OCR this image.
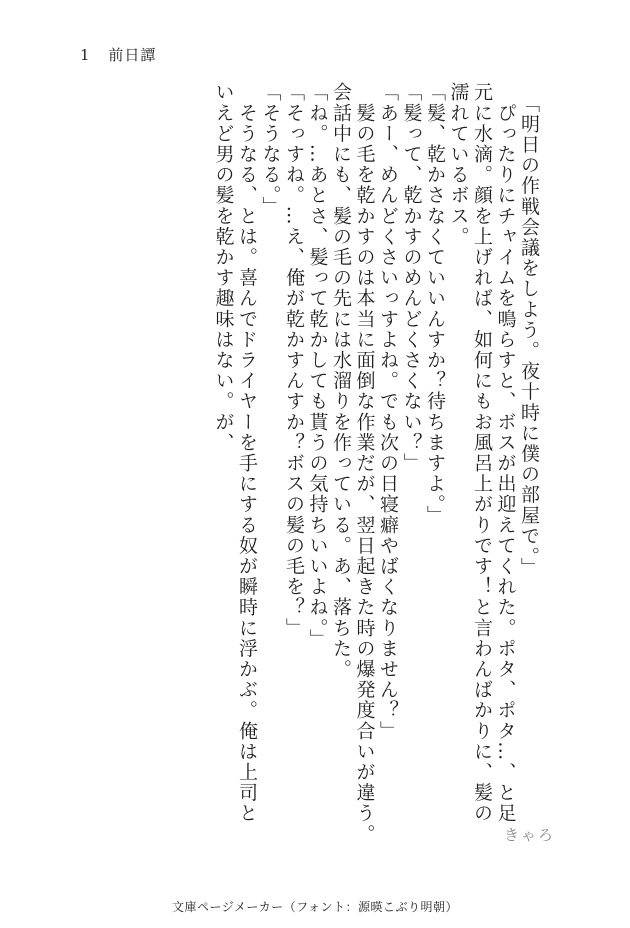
1 前日譚
　「明日の作戦会議をしよう。夜十時に僕の部屋で。」
　ぴったりにチャイムを鳴らすと、ボスが出迎えてくれた。ポタ、ポタ…、と足
元に水滴。顔を上げれば、如何にもお風呂上がりです！と言わんばかりに、髪の
濡れているボス。
「髪、乾かさなくていいんすか？待ちますよ。」
「髪って、乾かすのめんどくさくない？」
「あー、めんどくさいっすよね。でも次の日寝癖やばくなりません？」
　髪の毛を乾かすのは本当に面倒な作業だが、翌日起きた時の爆発度合いが違う。
会話中にも、髪の毛の先には水溜りを作っている。あ、落ちた。
「ね。…あとさ、髪って乾かしても貰うの気持ちいいよね。」
「そっすね。…え、俺が乾かすんすか？ボスの髪の毛を？」
「そうなる。」
　そうなる、とは。喜んでドライヤーを手にする奴が瞬時に浮かぶ。俺は上司と
いえど男の髪を乾かす趣味はない。が、
きゃろ
文庫ページメーカー（フォント：源暎こぶり明朝）
